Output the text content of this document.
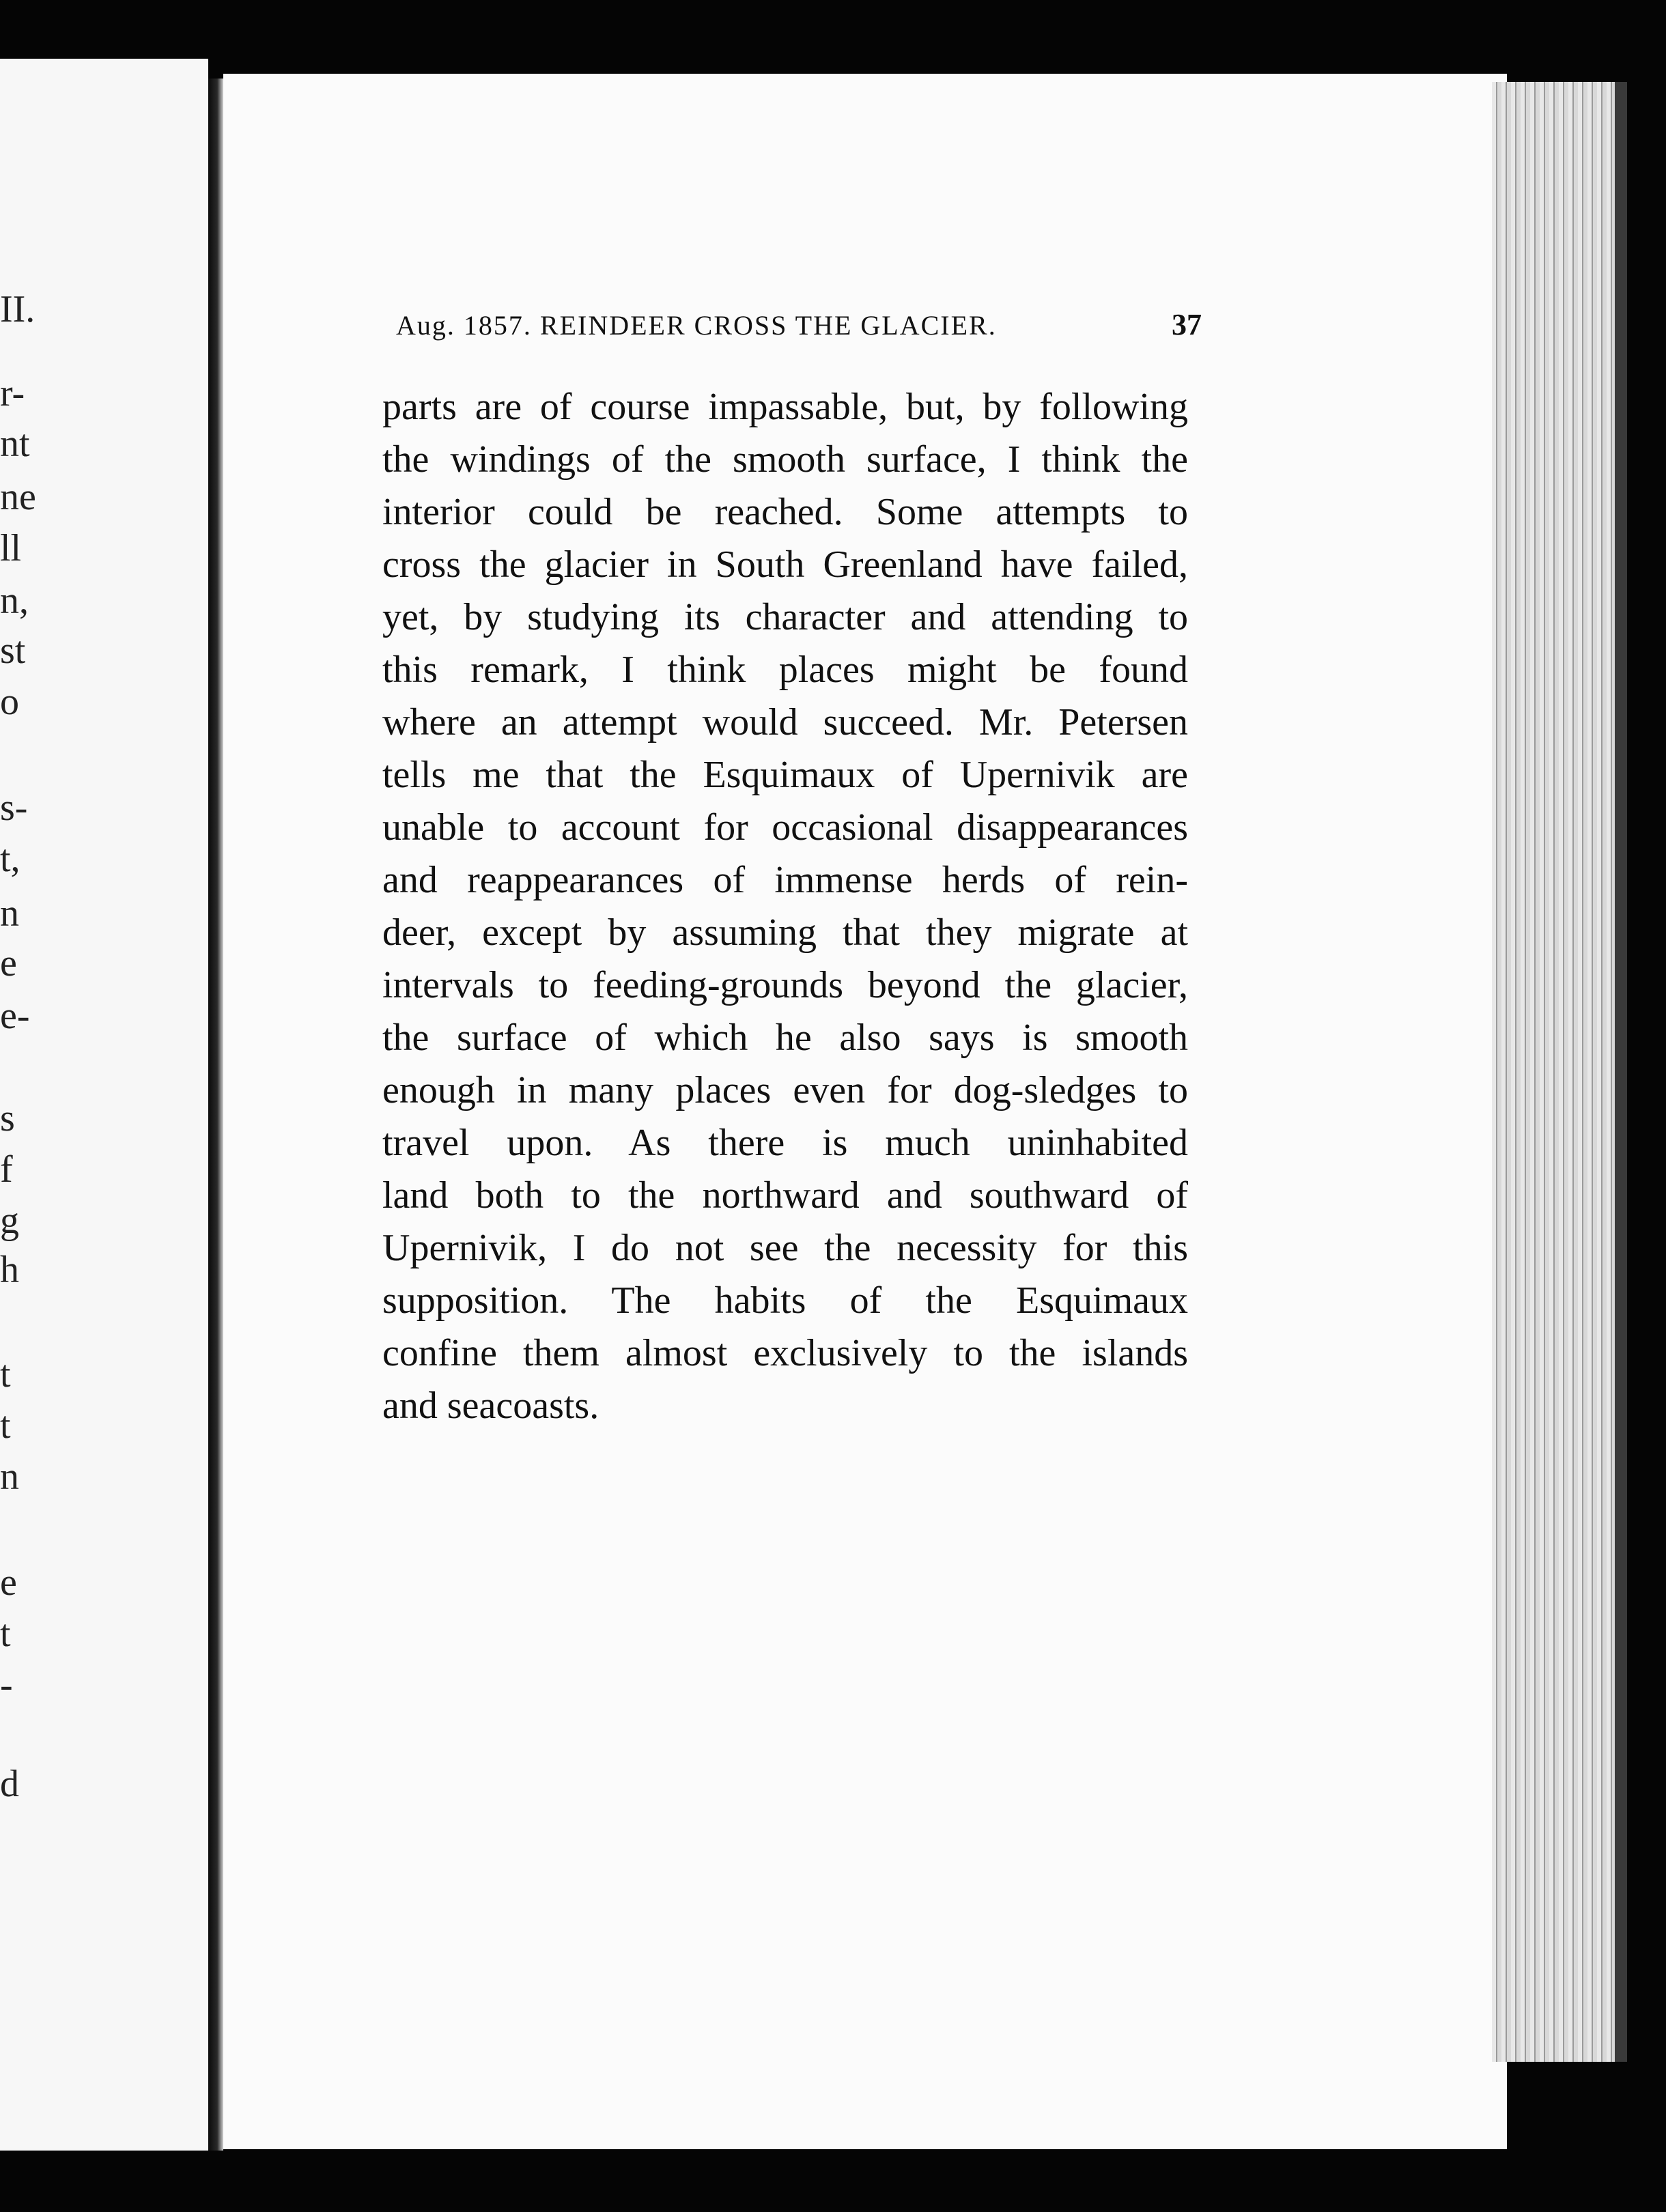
II.
r-
nt
ne
ll
n,
st
o
s-
t,
n
e
e-
s
f
g
h
t
t
n
e
t
-
d
Aug. 1857. REINDEER CROSS THE GLACIER.	37
parts are of course impassable, but, by following
the windings of the smooth surface, I think the
interior could be reached. Some attempts to
cross the glacier in South Greenland have failed,
yet, by studying its character and attending to
this remark, I think places might be found
where an attempt would succeed. Mr. Petersen
tells me that the Esquimaux of Upernivik are
unable to account for occasional disappearances
and reappearances of immense herds of rein-
deer, except by assuming that they migrate at
intervals to feeding-grounds beyond the glacier,
the surface of which he also says is smooth
enough in many places even for dog-sledges to
travel upon. As there is much uninhabited
land both to the northward and southward of
Upernivik, I do not see the necessity for this
supposition. The habits of the Esquimaux
confine them almost exclusively to the islands
and seacoasts.
